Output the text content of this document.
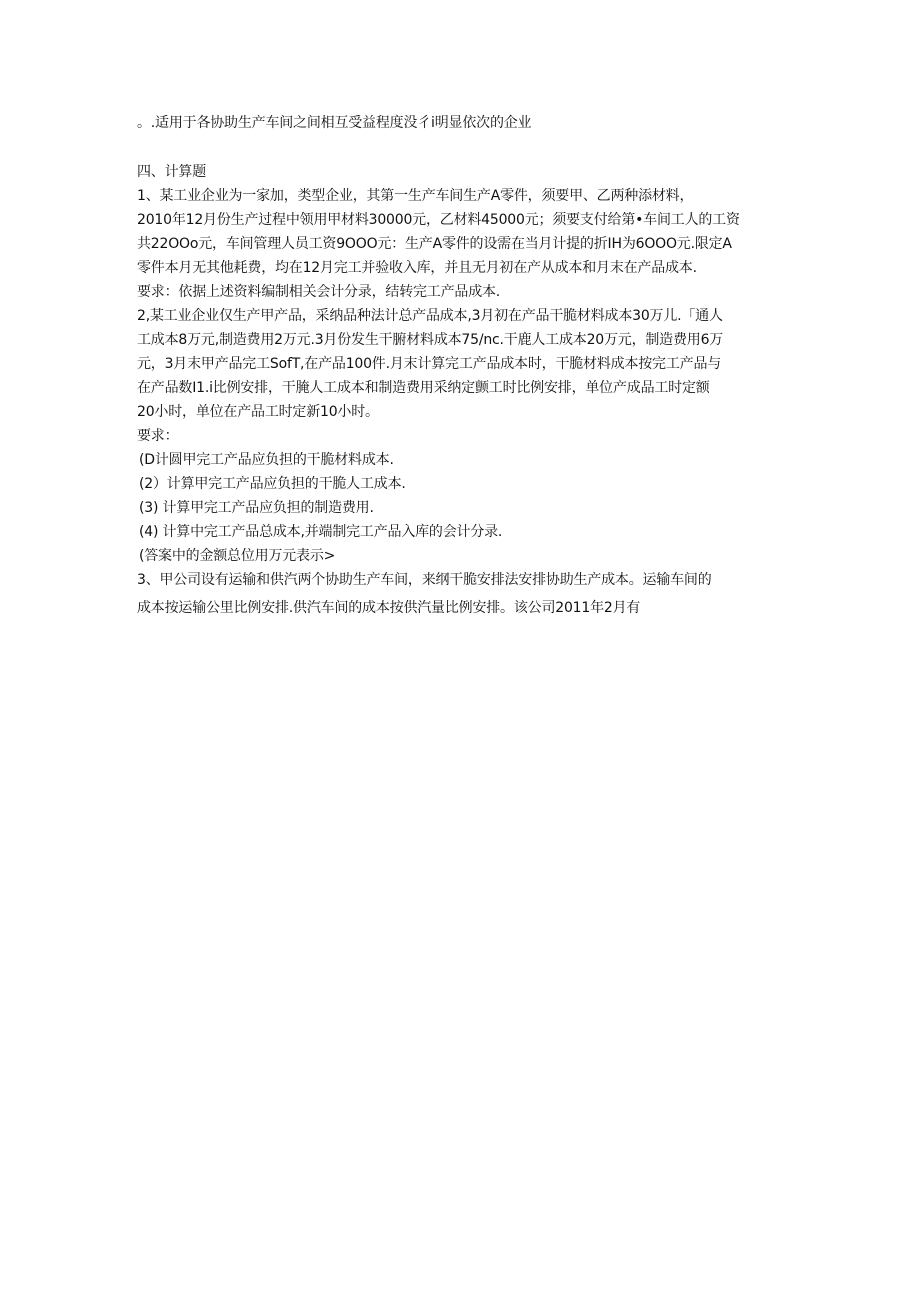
。.适用于各协助生产车间之间相互受益程度没彳i明显依次的企业
四、计算题
1、某工业企业为一家加，类型企业，其第一生产车间生产A零件，须要甲、乙两种添材料，
2010年12月份生产过程中领用甲材料30000元，乙材料45000元；须要支付给第•车间工人的工资
共22OOo元，车间管理人员工资9OOO元：生产A零件的设需在当月计提的折IH为6OOO元.限定A
零件本月无其他耗费，均在12月完工并验收入库，并且无月初在产从成本和月末在产品成本.
要求：依据上述资料编制相关会计分录，结转完工产品成本.
2,某工业企业仅生产甲产品，采纳品种法计总产品成本,3月初在产品干脆材料成本30万儿.「通人
工成本8万元,制造费用2万元.3月份发生干腑材料成本75/nc.干鹿人工成本20万元，制造费用6万
元，3月末甲产品完工SofT,在产品100件.月末计算完工产品成本时，干脆材料成本按完工产品与
在产品数I1.i比例安排，干腌人工成本和制造费用采纳定颤工时比例安排，单位产成品工时定额
20小时，单位在产品工时定新10小时。
要求：
(D计圆甲完工产品应负担的干脆材料成本.
(2）计算甲完工产品应负担的干脆人工成本.
(3) 计算甲完工产品应负担的制造费用.
(4) 计算中完工产品总成本,并端制完工产品入库的会计分录.
(答案中的金额总位用万元表示>
3、甲公司设有运输和供汽两个协助生产车间，来纲干脆安排法安排协助生产成本。运输车间的
成本按运输公里比例安排.供汽车间的成本按供汽量比例安排。该公司2011年2月有
